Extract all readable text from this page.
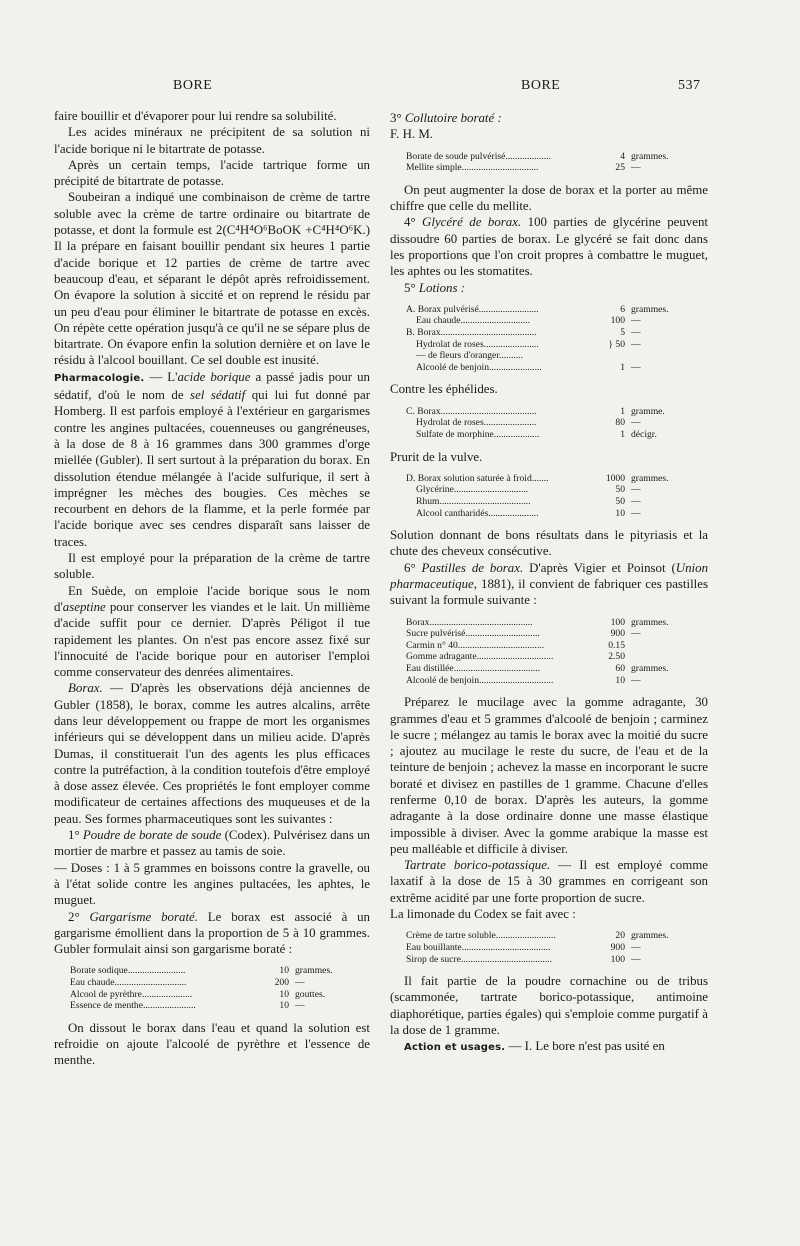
BORE	BORE	537

faire bouillir et d'évaporer pour lui rendre sa solubilité.

Les acides minéraux ne précipitent de sa solution ni l'acide borique ni le bitartrate de potasse.

Après un certain temps, l'acide tartrique forme un précipité de bitartrate de potasse.

Soubeiran a indiqué une combinaison de crème de tartre soluble avec la crème de tartre ordinaire ou bitartrate de potasse, et dont la formule est 2(C⁴H⁴O⁶BoOK +C⁴H⁴O⁶K.) Il la prépare en faisant bouillir pendant six heures 1 partie d'acide borique et 12 parties de crème de tartre avec beaucoup d'eau, et séparant le dépôt après refroidissement. On évapore la solution à siccité et on reprend le résidu par un peu d'eau pour éliminer le bitartrate de potasse en excès. On répète cette opération jusqu'à ce qu'il ne se sépare plus de bitartrate. On évapore enfin la solution dernière et on lave le résidu à l'alcool bouillant. Ce sel double est inusité.

Pharmacologie. — L'acide borique a passé jadis pour un sédatif, d'où le nom de sel sédatif qui lui fut donné par Homberg. Il est parfois employé à l'extérieur en gargarismes contre les angines pultacées, couenneuses ou gangréneuses, à la dose de 8 à 16 grammes dans 300 grammes d'orge miellée (Gubler). Il sert surtout à la préparation du borax. En dissolution étendue mélangée à l'acide sulfurique, il sert à imprégner les mèches des bougies. Ces mèches se recourbent en dehors de la flamme, et la perle formée par l'acide borique avec ses cendres disparaît sans laisser de traces.

Il est employé pour la préparation de la crème de tartre soluble.

En Suède, on emploie l'acide borique sous le nom d'aseptine pour conserver les viandes et le lait. Un millième d'acide suffit pour ce dernier. D'après Péligot il tue rapidement les plantes. On n'est pas encore assez fixé sur l'innocuité de l'acide borique pour en autoriser l'emploi comme conservateur des denrées alimentaires.

Borax. — D'après les observations déjà anciennes de Gubler (1858), le borax, comme les autres alcalins, arrête dans leur développement ou frappe de mort les organismes inférieurs qui se développent dans un milieu acide. D'après Dumas, il constituerait l'un des agents les plus efficaces contre la putréfaction, à la condition toutefois d'être employé à dose assez élevée. Ces propriétés le font employer comme modificateur de certaines affections des muqueuses et de la peau. Ses formes pharmaceutiques sont les suivantes :

1° Poudre de borate de soude (Codex). Pulvérisez dans un mortier de marbre et passez au tamis de soie.

— Doses : 1 à 5 grammes en boissons contre la gravelle, ou à l'état solide contre les angines pultacées, les aphtes, le muguet.

2° Gargarisme boraté. Le borax est associé à un gargarisme émollient dans la proportion de 5 à 10 grammes. Gubler formulait ainsi son gargarisme boraté :

Borate sodique........................	10	grammes.
Eau chaude..............................	200	—
Alcool de pyrèthre.....................	10	gouttes.
Essence de menthe......................	10	—

On dissout le borax dans l'eau et quand la solution est refroidie on ajoute l'alcoolé de pyrèthre et l'essence de menthe.

3° Collutoire boraté :

F. H. M.

Borate de soude pulvérisé...................	4	grammes.
Mellite simple................................	25	—

On peut augmenter la dose de borax et la porter au même chiffre que celle du mellite.

4° Glycéré de borax. 100 parties de glycérine peuvent dissoudre 60 parties de borax. Le glycéré se fait donc dans les proportions que l'on croit propres à combattre le muguet, les aphtes ou les stomatites.

5° Lotions :

A. Borax pulvérisé.........................	6	grammes.
Eau chaude.............................	100	—
B. Borax........................................	5	—
Hydrolat de roses.......................	} 50	—
— de fleurs d'oranger..........		
Alcoolé de benjoin......................	1	—

Contre les éphélides.

C. Borax........................................	1	gramme.
Hydrolat de roses......................	80	—
Sulfate de morphine...................	1	décigr.

Prurit de la vulve.

D. Borax solution saturée à froid.......	1000	grammes.
Glycérine...............................	50	—
Rhum......................................	50	—
Alcool cantharidés.....................	10	—

Solution donnant de bons résultats dans le pityriasis et la chute des cheveux consécutive.

6° Pastilles de borax. D'après Vigier et Poinsot (Union pharmaceutique, 1881), il convient de fabriquer ces pastilles suivant la formule suivante :

Borax...........................................	100	grammes.
Sucre pulvérisé...............................	900	—
Carmin n° 40....................................	0.15	
Gomme adragante................................	2.50	
Eau distillée....................................	60	grammes.
Alcoolé de benjoin...............................	10	—

Préparez le mucilage avec la gomme adragante, 30 grammes d'eau et 5 grammes d'alcoolé de benjoin ; carminez le sucre ; mélangez au tamis le borax avec la moitié du sucre ; ajoutez au mucilage le reste du sucre, de l'eau et de la teinture de benjoin ; achevez la masse en incorporant le sucre boraté et divisez en pastilles de 1 gramme. Chacune d'elles renferme 0,10 de borax. D'après les auteurs, la gomme adragante à la dose ordinaire donne une masse élastique impossible à diviser. Avec la gomme arabique la masse est peu malléable et difficile à diviser.

Tartrate borico-potassique. — Il est employé comme laxatif à la dose de 15 à 30 grammes en corrigeant son extrême acidité par une forte proportion de sucre.

La limonade du Codex se fait avec :

Crème de tartre soluble.........................	20	grammes.
Eau bouillante.....................................	900	—
Sirop de sucre......................................	100	—

Il fait partie de la poudre cornachine ou de tribus (scammonée, tartrate borico-potassique, antimoine diaphorétique, parties égales) qui s'emploie comme purgatif à la dose de 1 gramme.

Action et usages. — I. Le bore n'est pas usité en
